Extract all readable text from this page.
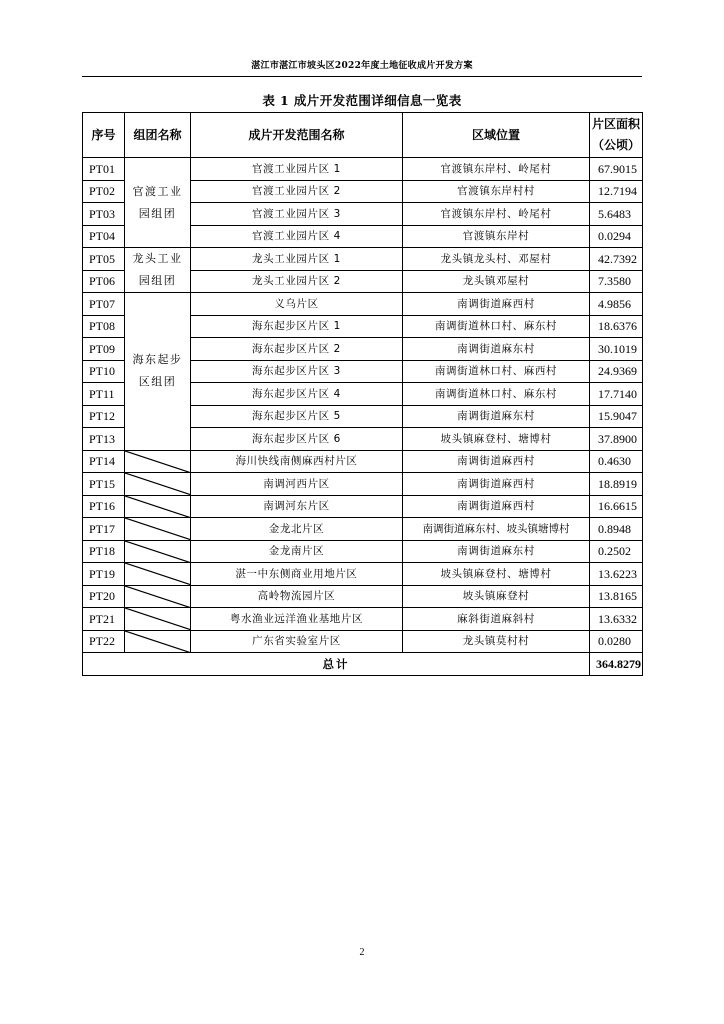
湛江市湛江市坡头区2022年度土地征收成片开发方案
表 1 成片开发范围详细信息一览表
序号	组团名称	成片开发范围名称	区域位置	片区面积
（公顷）
PT01	官渡工业园组团	官渡工业园片区 1	官渡镇东岸村、岭尾村	67.9015
PT02		官渡工业园片区 2	官渡镇东岸村村	12.7194
PT03		官渡工业园片区 3	官渡镇东岸村、岭尾村	5.6483
PT04		官渡工业园片区 4	官渡镇东岸村	0.0294
PT05	龙头工业园组团	龙头工业园片区 1	龙头镇龙头村、邓屋村	42.7392
PT06		龙头工业园片区 2	龙头镇邓屋村	7.3580
PT07	海东起步区组团	义乌片区	南调街道麻西村	4.9856
PT08		海东起步区片区 1	南调街道林口村、麻东村	18.6376
PT09		海东起步区片区 2	南调街道麻东村	30.1019
PT10		海东起步区片区 3	南调街道林口村、麻西村	24.9369
PT11		海东起步区片区 4	南调街道林口村、麻东村	17.7140
PT12		海东起步区片区 5	南调街道麻东村	15.9047
PT13		海东起步区片区 6	坡头镇麻登村、塘博村	37.8900
PT14		海川快线南侧麻西村片区	南调街道麻西村	0.4630
PT15		南调河西片区	南调街道麻西村	18.8919
PT16		南调河东片区	南调街道麻西村	16.6615
PT17		金龙北片区	南调街道麻东村、坡头镇塘博村	0.8948
PT18		金龙南片区	南调街道麻东村	0.2502
PT19		湛一中东侧商业用地片区	坡头镇麻登村、塘博村	13.6223
PT20		高岭物流园片区	坡头镇麻登村	13.8165
PT21		粤水渔业远洋渔业基地片区	麻斜街道麻斜村	13.6332
PT22		广东省实验室片区	龙头镇莫村村	0.0280
总计				364.8279
2
